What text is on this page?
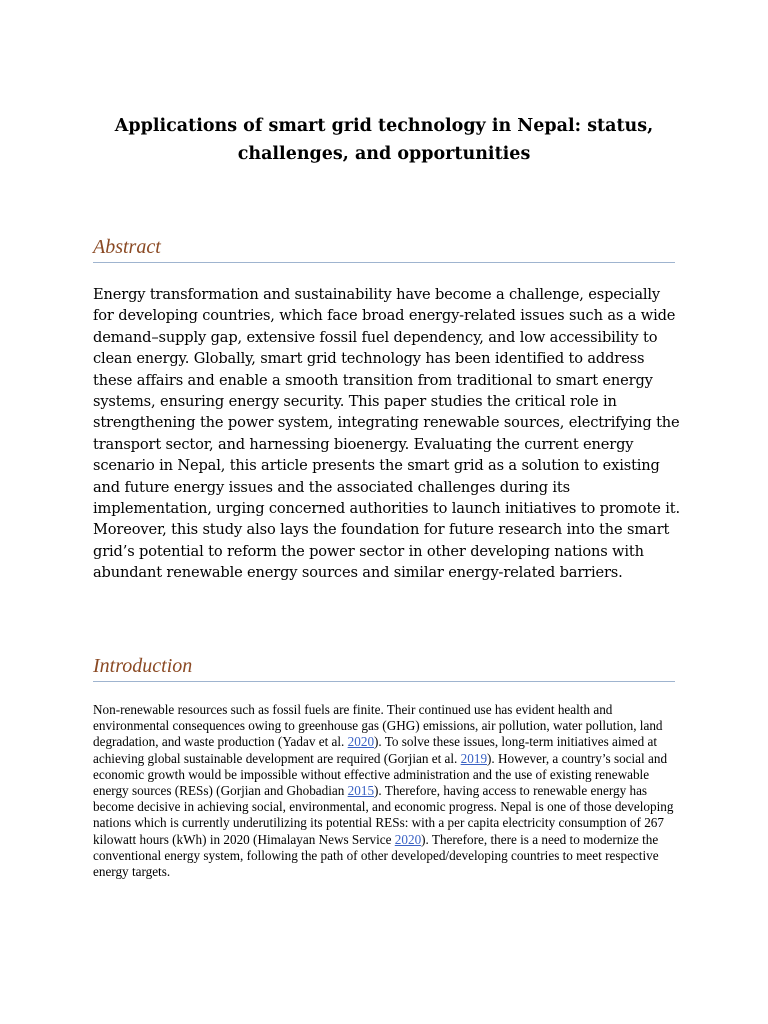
Applications of smart grid technology in Nepal: status, challenges, and opportunities
Abstract

Energy transformation and sustainability have become a challenge, especially for developing countries, which face broad energy-related issues such as a wide demand–supply gap, extensive fossil fuel dependency, and low accessibility to clean energy. Globally, smart grid technology has been identified to address these affairs and enable a smooth transition from traditional to smart energy systems, ensuring energy security. This paper studies the critical role in strengthening the power system, integrating renewable sources, electrifying the transport sector, and harnessing bioenergy. Evaluating the current energy scenario in Nepal, this article presents the smart grid as a solution to existing and future energy issues and the associated challenges during its implementation, urging concerned authorities to launch initiatives to promote it. Moreover, this study also lays the foundation for future research into the smart grid’s potential to reform the power sector in other developing nations with abundant renewable energy sources and similar energy-related barriers.

Introduction

Non-renewable resources such as fossil fuels are finite. Their continued use has evident health and environmental consequences owing to greenhouse gas (GHG) emissions, air pollution, water pollution, land degradation, and waste production (Yadav et al. 2020). To solve these issues, long-term initiatives aimed at achieving global sustainable development are required (Gorjian et al. 2019). However, a country’s social and economic growth would be impossible without effective administration and the use of existing renewable energy sources (RESs) (Gorjian and Ghobadian 2015). Therefore, having access to renewable energy has become decisive in achieving social, environmental, and economic progress. Nepal is one of those developing nations which is currently underutilizing its potential RESs: with a per capita electricity consumption of 267 kilowatt hours (kWh) in 2020 (Himalayan News Service 2020). Therefore, there is a need to modernize the conventional energy system, following the path of other developed/developing countries to meet respective energy targets.
